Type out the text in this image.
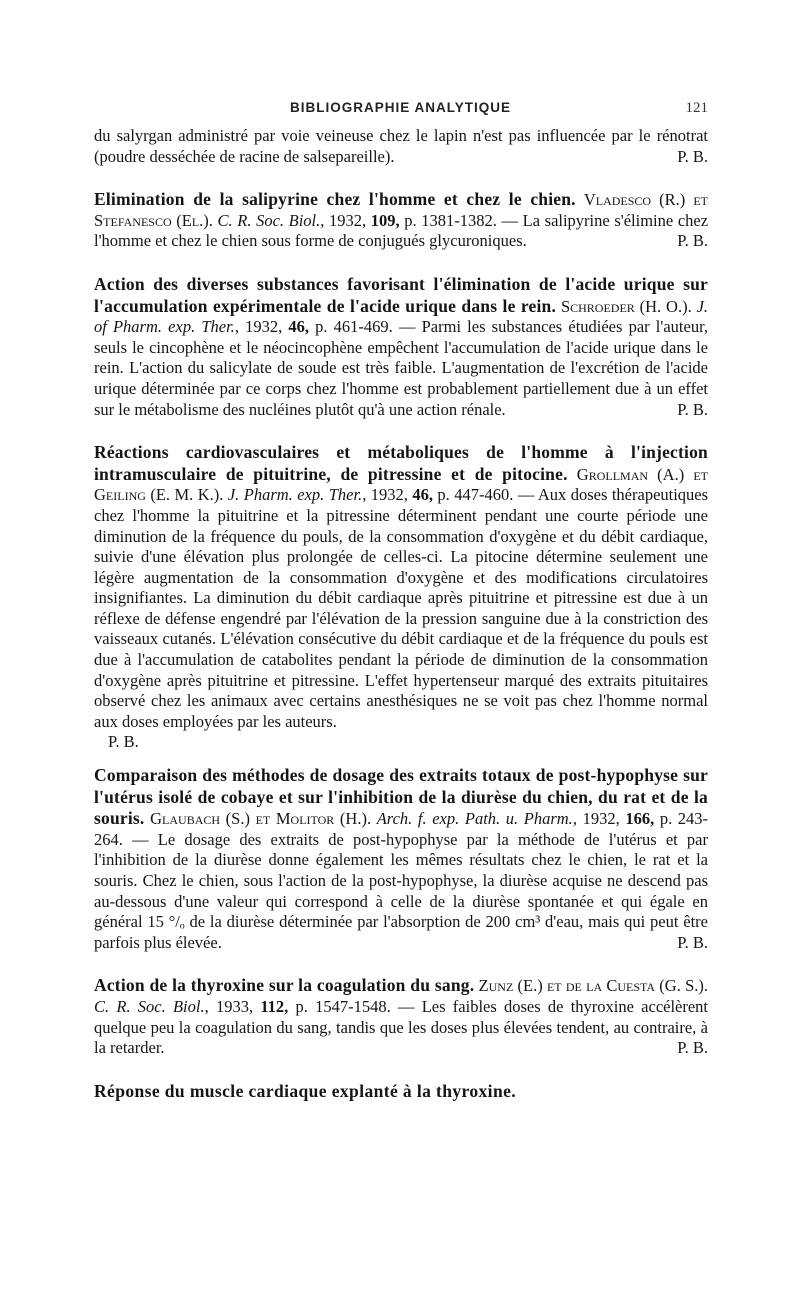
BIBLIOGRAPHIE ANALYTIQUE	121

du salyrgan administré par voie veineuse chez le lapin n'est pas influencée par le rénotrat (poudre desséchée de racine de salsepareille).	P. B.

Elimination de la salipyrine chez l'homme et chez le chien. Vladesco (R.) et Stefanesco (El.). C. R. Soc. Biol., 1932, 109, p. 1381-1382. — La salipyrine s'élimine chez l'homme et chez le chien sous forme de conjugués glycuroniques.	P. B.

Action des diverses substances favorisant l'élimination de l'acide urique sur l'accumulation expérimentale de l'acide urique dans le rein. Schroeder (H. O.). J. of Pharm. exp. Ther., 1932, 46, p. 461-469. — Parmi les substances étudiées par l'auteur, seuls le cincophène et le néocincophène empêchent l'accumulation de l'acide urique dans le rein. L'action du salicylate de soude est très faible. L'augmentation de l'excrétion de l'acide urique déterminée par ce corps chez l'homme est probablement partiellement due à un effet sur le métabolisme des nucléines plutôt qu'à une action rénale.	P. B.

Réactions cardiovasculaires et métaboliques de l'homme à l'injection intramusculaire de pituitrine, de pitressine et de pitocine. Grollman (A.) et Geiling (E. M. K.). J. Pharm. exp. Ther., 1932, 46, p. 447-460. — Aux doses thérapeutiques chez l'homme la pituitrine et la pitressine déterminent pendant une courte période une diminution de la fréquence du pouls, de la consommation d'oxygène et du débit cardiaque, suivie d'une élévation plus prolongée de celles-ci. La pitocine détermine seulement une légère augmentation de la consommation d'oxygène et des modifications circulatoires insignifiantes. La diminution du débit cardiaque après pituitrine et pitressine est due à un réflexe de défense engendré par l'élévation de la pression sanguine due à la constriction des vaisseaux cutanés. L'élévation consécutive du débit cardiaque et de la fréquence du pouls est due à l'accumulation de catabolites pendant la période de diminution de la consommation d'oxygène après pituitrine et pitressine. L'effet hypertenseur marqué des extraits pituitaires observé chez les animaux avec certains anesthésiques ne se voit pas chez l'homme normal aux doses employées par les auteurs.
P. B.

Comparaison des méthodes de dosage des extraits totaux de post-hypophyse sur l'utérus isolé de cobaye et sur l'inhibition de la diurèse du chien, du rat et de la souris. Glaubach (S.) et Molitor (H.). Arch. f. exp. Path. u. Pharm., 1932, 166, p. 243-264. — Le dosage des extraits de post-hypophyse par la méthode de l'utérus et par l'inhibition de la diurèse donne également les mêmes résultats chez le chien, le rat et la souris. Chez le chien, sous l'action de la post-hypophyse, la diurèse acquise ne descend pas au-dessous d'une valeur qui correspond à celle de la diurèse spontanée et qui égale en général 15 °/ₒ de la diurèse déterminée par l'absorption de 200 cm³ d'eau, mais qui peut être parfois plus élevée.	P. B.

Action de la thyroxine sur la coagulation du sang. Zunz (E.) et de la Cuesta (G. S.). C. R. Soc. Biol., 1933, 112, p. 1547-1548. — Les faibles doses de thyroxine accélèrent quelque peu la coagulation du sang, tandis que les doses plus élevées tendent, au contraire, à la retarder.	P. B.

Réponse du muscle cardiaque explanté à la thyroxine.
